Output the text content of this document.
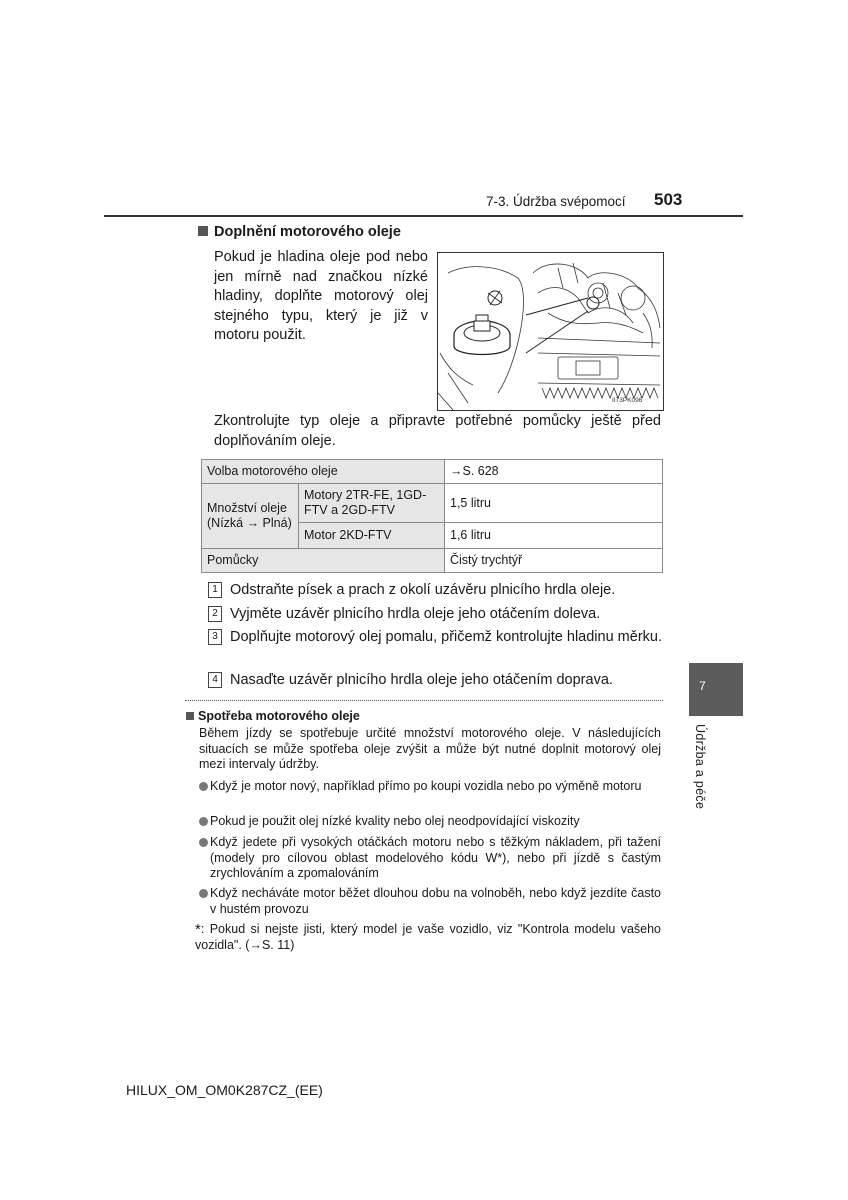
7-3. Údržba svépomocí 503
7
Údržba a péče
Doplnění motorového oleje
Pokud je hladina oleje pod nebo jen mírně nad značkou nízké hladiny, doplňte motorový olej stejného typu, který je již v motoru použit.
II73PK096
Zkontrolujte typ oleje a připravte potřebné pomůcky ještě před doplňováním oleje.
Volba motorového oleje		→S. 628
Množství oleje (Nízká → Plná)	Motory 2TR-FE, 1GD-FTV a 2GD-FTV	1,5 litru
	Motor 2KD-FTV	1,6 litru
Pomůcky		Čistý trychtýř
1 Odstraňte písek a prach z okolí uzávěru plnicího hrdla oleje.
2 Vyjměte uzávěr plnicího hrdla oleje jeho otáčením doleva.
3 Doplňujte motorový olej pomalu, přičemž kontrolujte hladinu měrku.
4 Nasaďte uzávěr plnicího hrdla oleje jeho otáčením doprava.
Spotřeba motorového oleje
Během jízdy se spotřebuje určité množství motorového oleje. V následujících situacích se může spotřeba oleje zvýšit a může být nutné doplnit motorový olej mezi intervaly údržby.
Když je motor nový, například přímo po koupi vozidla nebo po výměně motoru
Pokud je použit olej nízké kvality nebo olej neodpovídající viskozity
Když jedete při vysokých otáčkách motoru nebo s těžkým nákladem, při tažení (modely pro cílovou oblast modelového kódu W*), nebo při jízdě s častým zrychlováním a zpomalováním
Když necháváte motor běžet dlouhou dobu na volnoběh, nebo když jezdíte často v hustém provozu
*: Pokud si nejste jisti, který model je vaše vozidlo, viz "Kontrola modelu vašeho vozidla". (→S. 11)
HILUX_OM_OM0K287CZ_(EE)
